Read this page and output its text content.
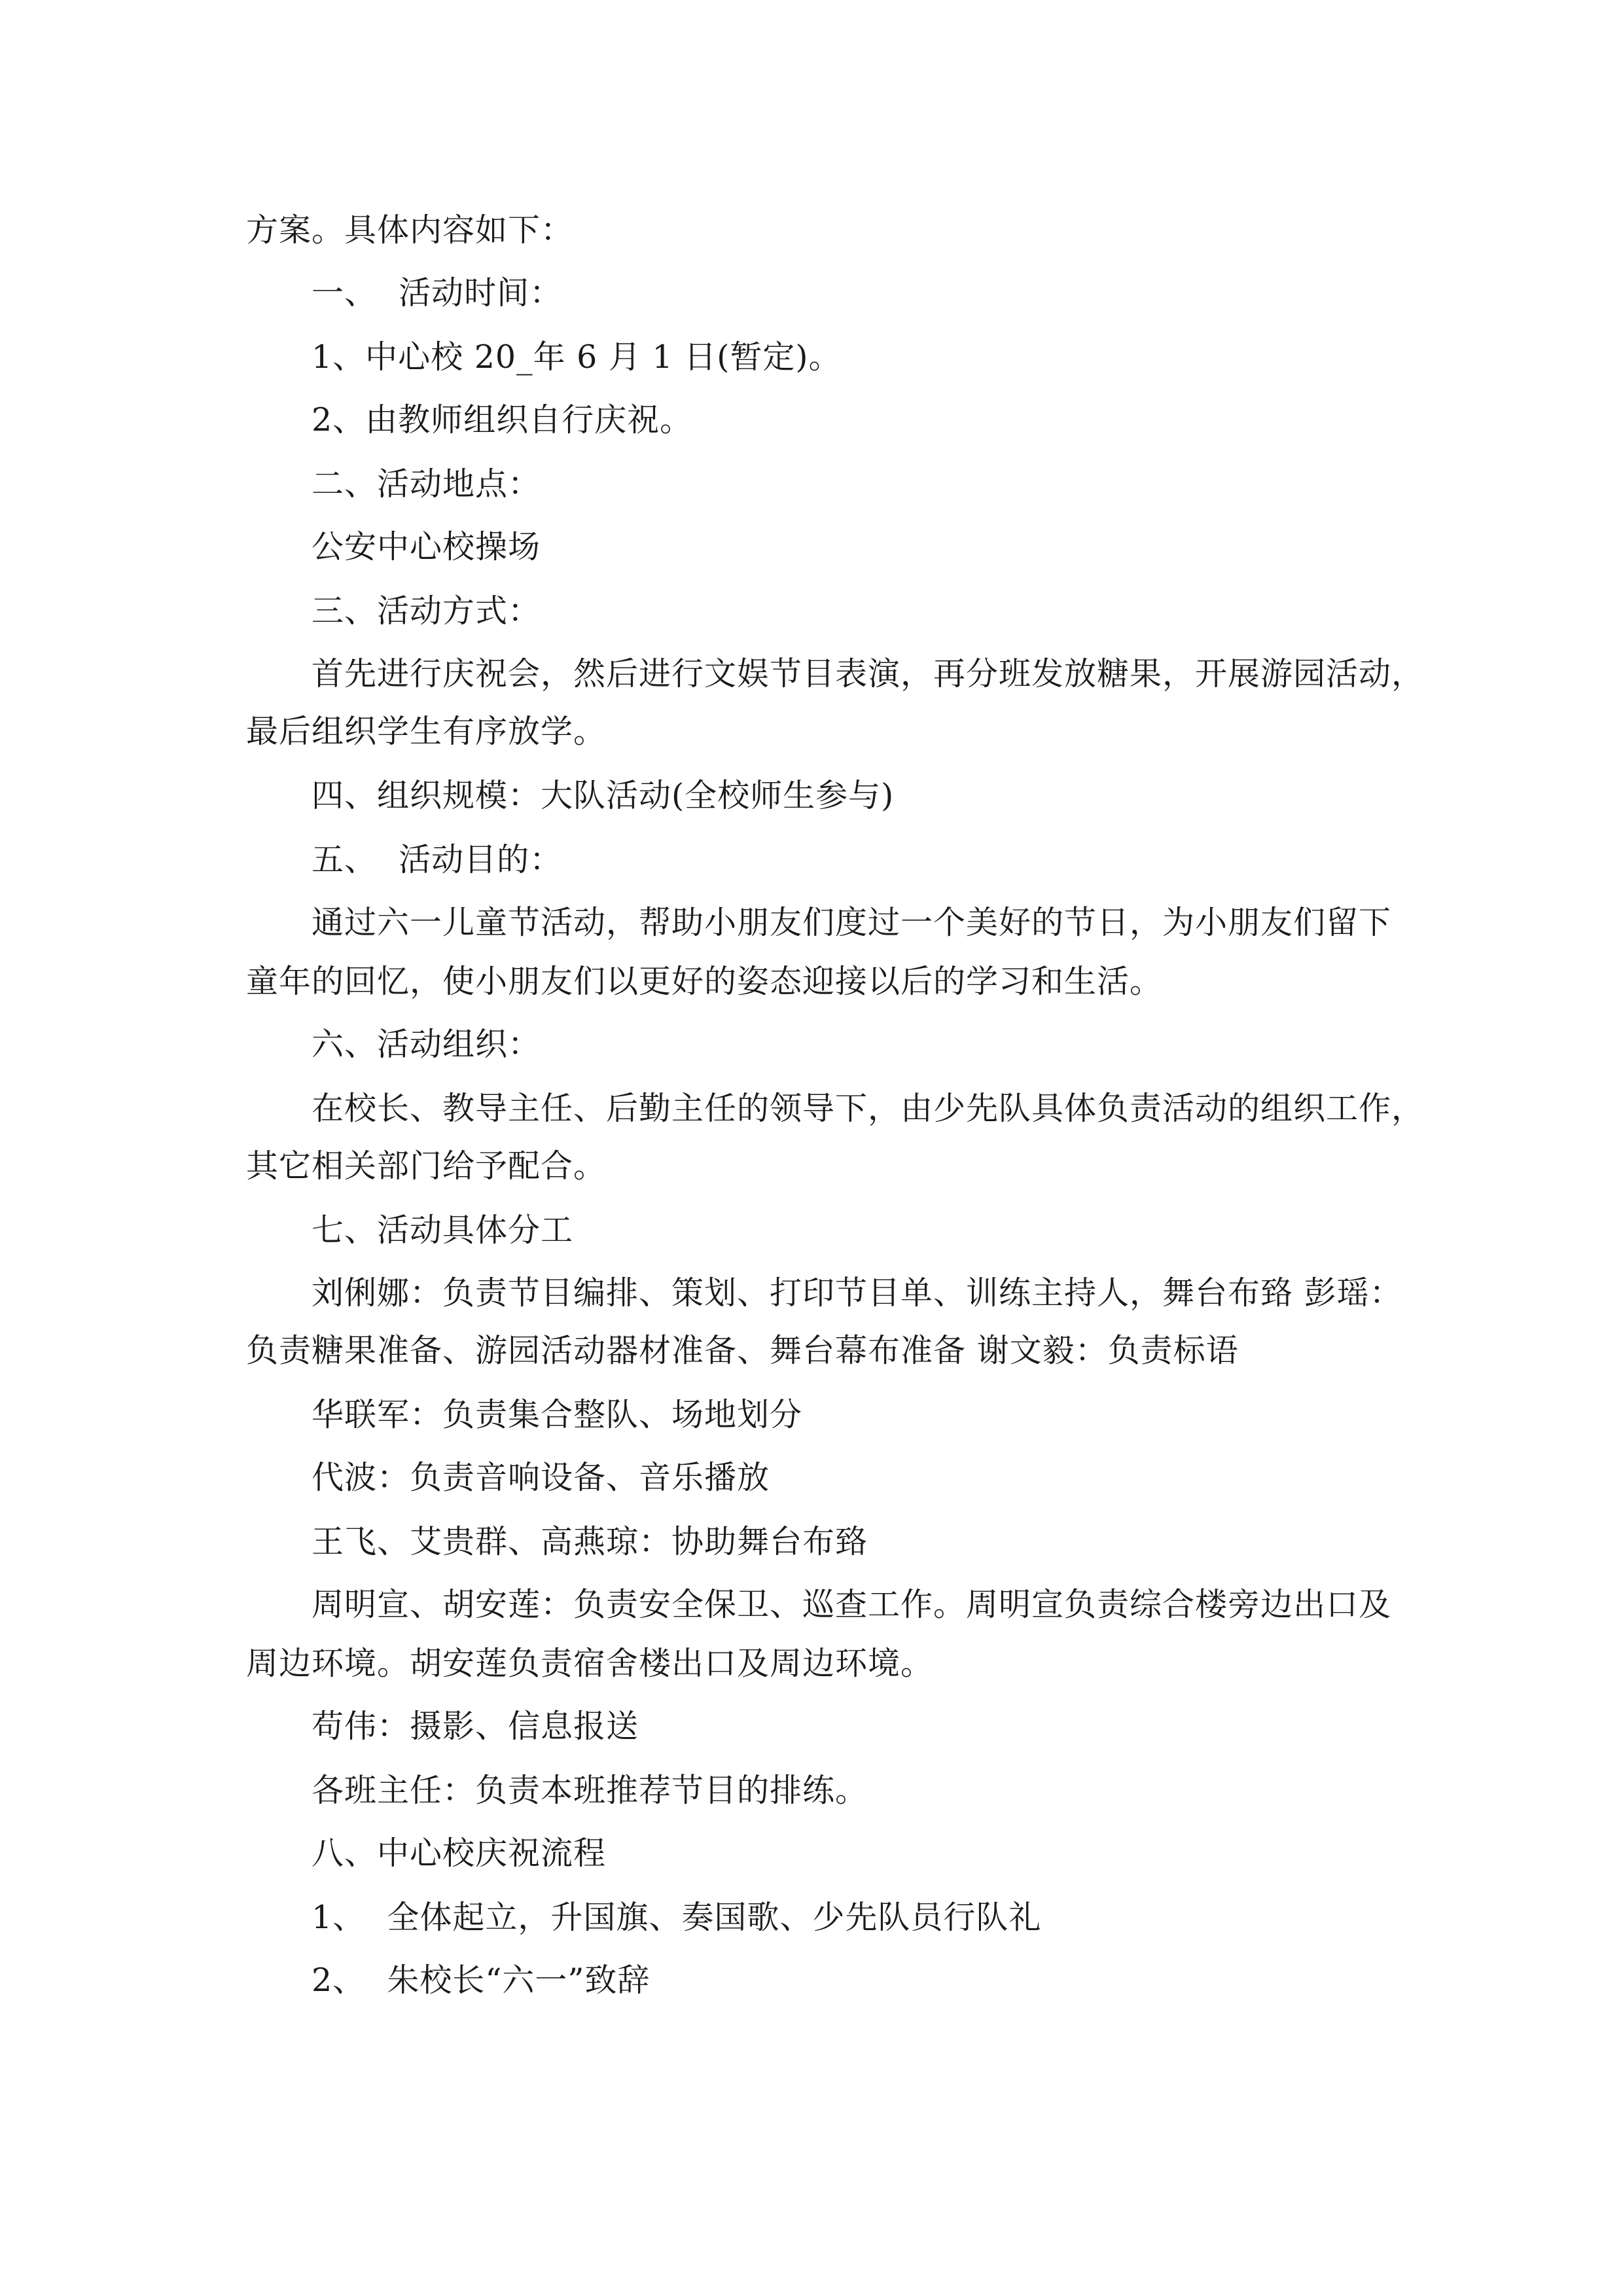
方案。具体内容如下：
一、  活动时间：
1、中心校 20_年 6 月 1 日(暂定)。
2、由教师组织自行庆祝。
二、活动地点：
公安中心校操场
三、活动方式：
首先进行庆祝会，然后进行文娱节目表演，再分班发放糖果，开展游园活动，
最后组织学生有序放学。
四、组织规模：大队活动(全校师生参与)
五、  活动目的：
通过六一儿童节活动，帮助小朋友们度过一个美好的节日，为小朋友们留下
童年的回忆，使小朋友们以更好的姿态迎接以后的学习和生活。
六、活动组织：
在校长、教导主任、后勤主任的领导下，由少先队具体负责活动的组织工作，
其它相关部门给予配合。
七、活动具体分工
刘俐娜：负责节目编排、策划、打印节目单、训练主持人，舞台布臵 彭瑶：
负责糖果准备、游园活动器材准备、舞台幕布准备 谢文毅：负责标语
华联军：负责集合整队、场地划分
代波：负责音响设备、音乐播放
王飞、艾贵群、高燕琼：协助舞台布臵
周明宣、胡安莲：负责安全保卫、巡查工作。周明宣负责综合楼旁边出口及
周边环境。胡安莲负责宿舍楼出口及周边环境。
苟伟：摄影、信息报送
各班主任：负责本班推荐节目的排练。
八、中心校庆祝流程
1、  全体起立，升国旗、奏国歌、少先队员行队礼
2、  朱校长“六一”致辞
